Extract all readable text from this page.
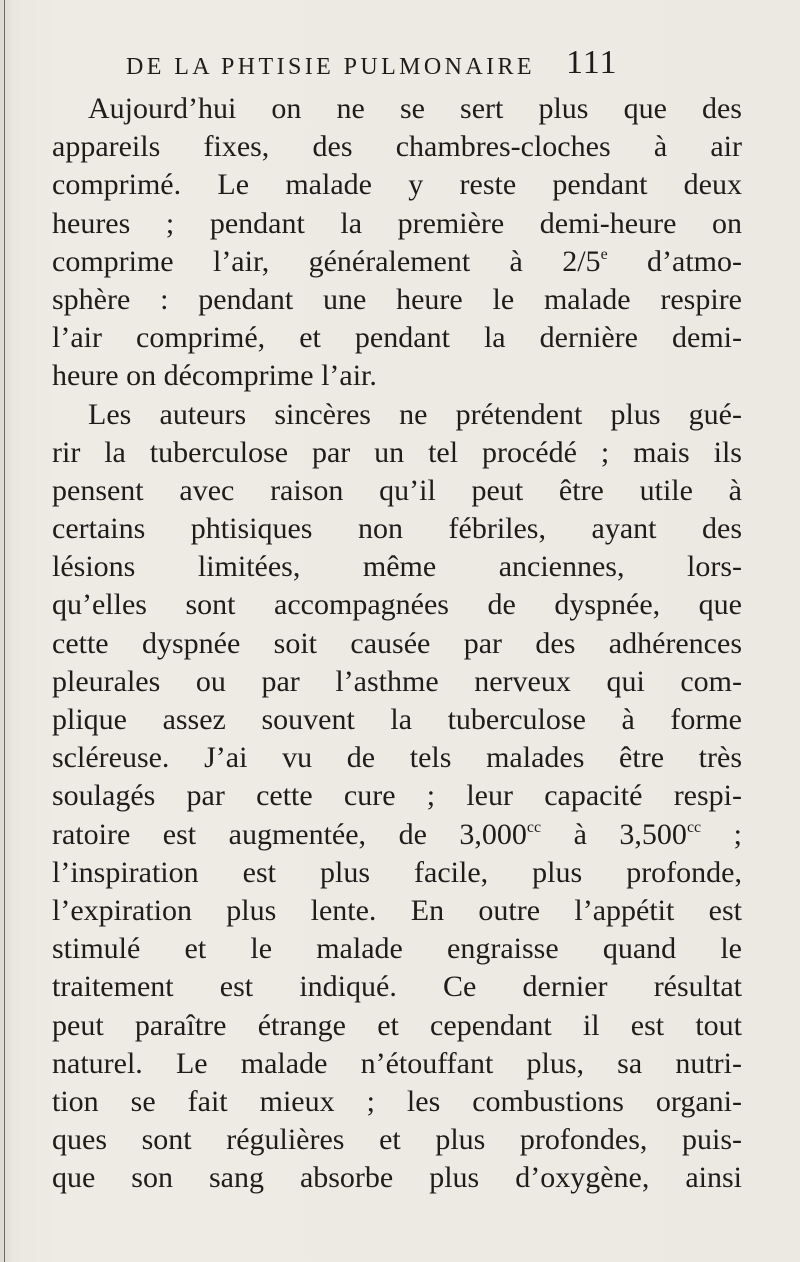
DE LA PHTISIE PULMONAIRE 111
Aujourd’hui on ne se sert plus que des
appareils fixes, des chambres-cloches à air
comprimé. Le malade y reste pendant deux
heures ; pendant la première demi-heure on
comprime l’air, généralement à 2/5e d’atmo-
sphère : pendant une heure le malade respire
l’air comprimé, et pendant la dernière demi-
heure on décomprime l’air.
Les auteurs sincères ne prétendent plus gué-
rir la tuberculose par un tel procédé ; mais ils
pensent avec raison qu’il peut être utile à
certains phtisiques non fébriles, ayant des
lésions limitées, même anciennes, lors-
qu’elles sont accompagnées de dyspnée, que
cette dyspnée soit causée par des adhérences
pleurales ou par l’asthme nerveux qui com-
plique assez souvent la tuberculose à forme
scléreuse. J’ai vu de tels malades être très
soulagés par cette cure ; leur capacité respi-
ratoire est augmentée, de 3,000$^{cc}$ à 3,500$^{cc}$ ;
l’inspiration est plus facile, plus profonde,
l’expiration plus lente. En outre l’appétit est
stimulé et le malade engraisse quand le
traitement est indiqué. Ce dernier résultat
peut paraître étrange et cependant il est tout
naturel. Le malade n’étouffant plus, sa nutri-
tion se fait mieux ; les combustions organi-
ques sont régulières et plus profondes, puis-
que son sang absorbe plus d’oxygène, ainsi
